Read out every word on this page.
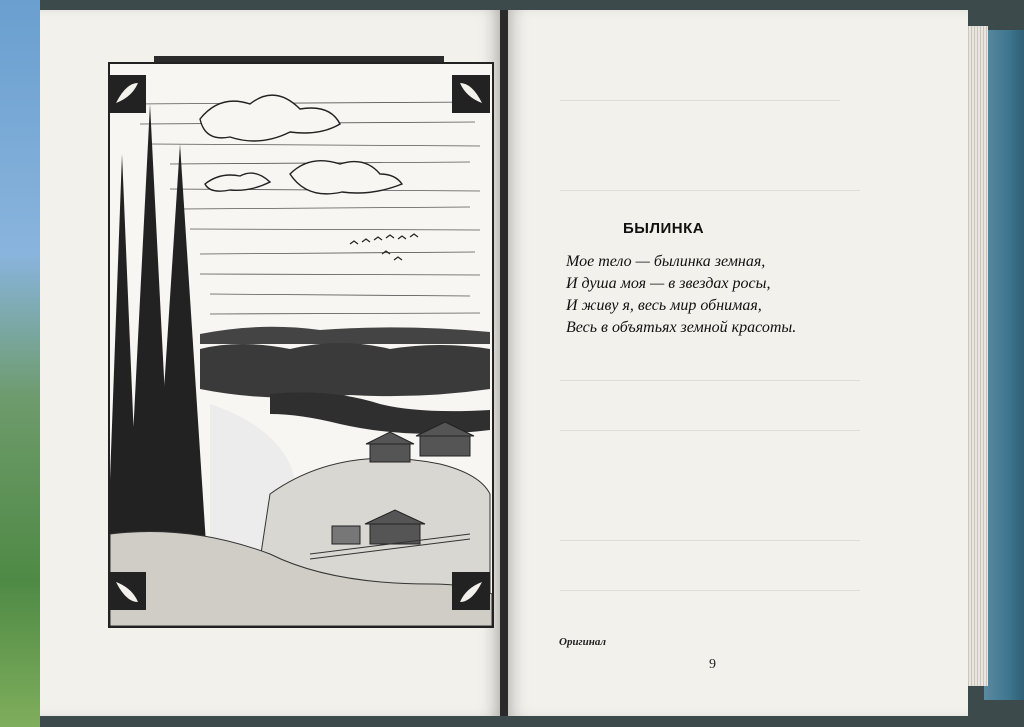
БЫЛИНКА
Мое тело — былинка земная,
И душа моя — в звездах росы,
И живу я, весь мир обнимая,
Весь в объятьях земной красоты.
Оригинал
9
